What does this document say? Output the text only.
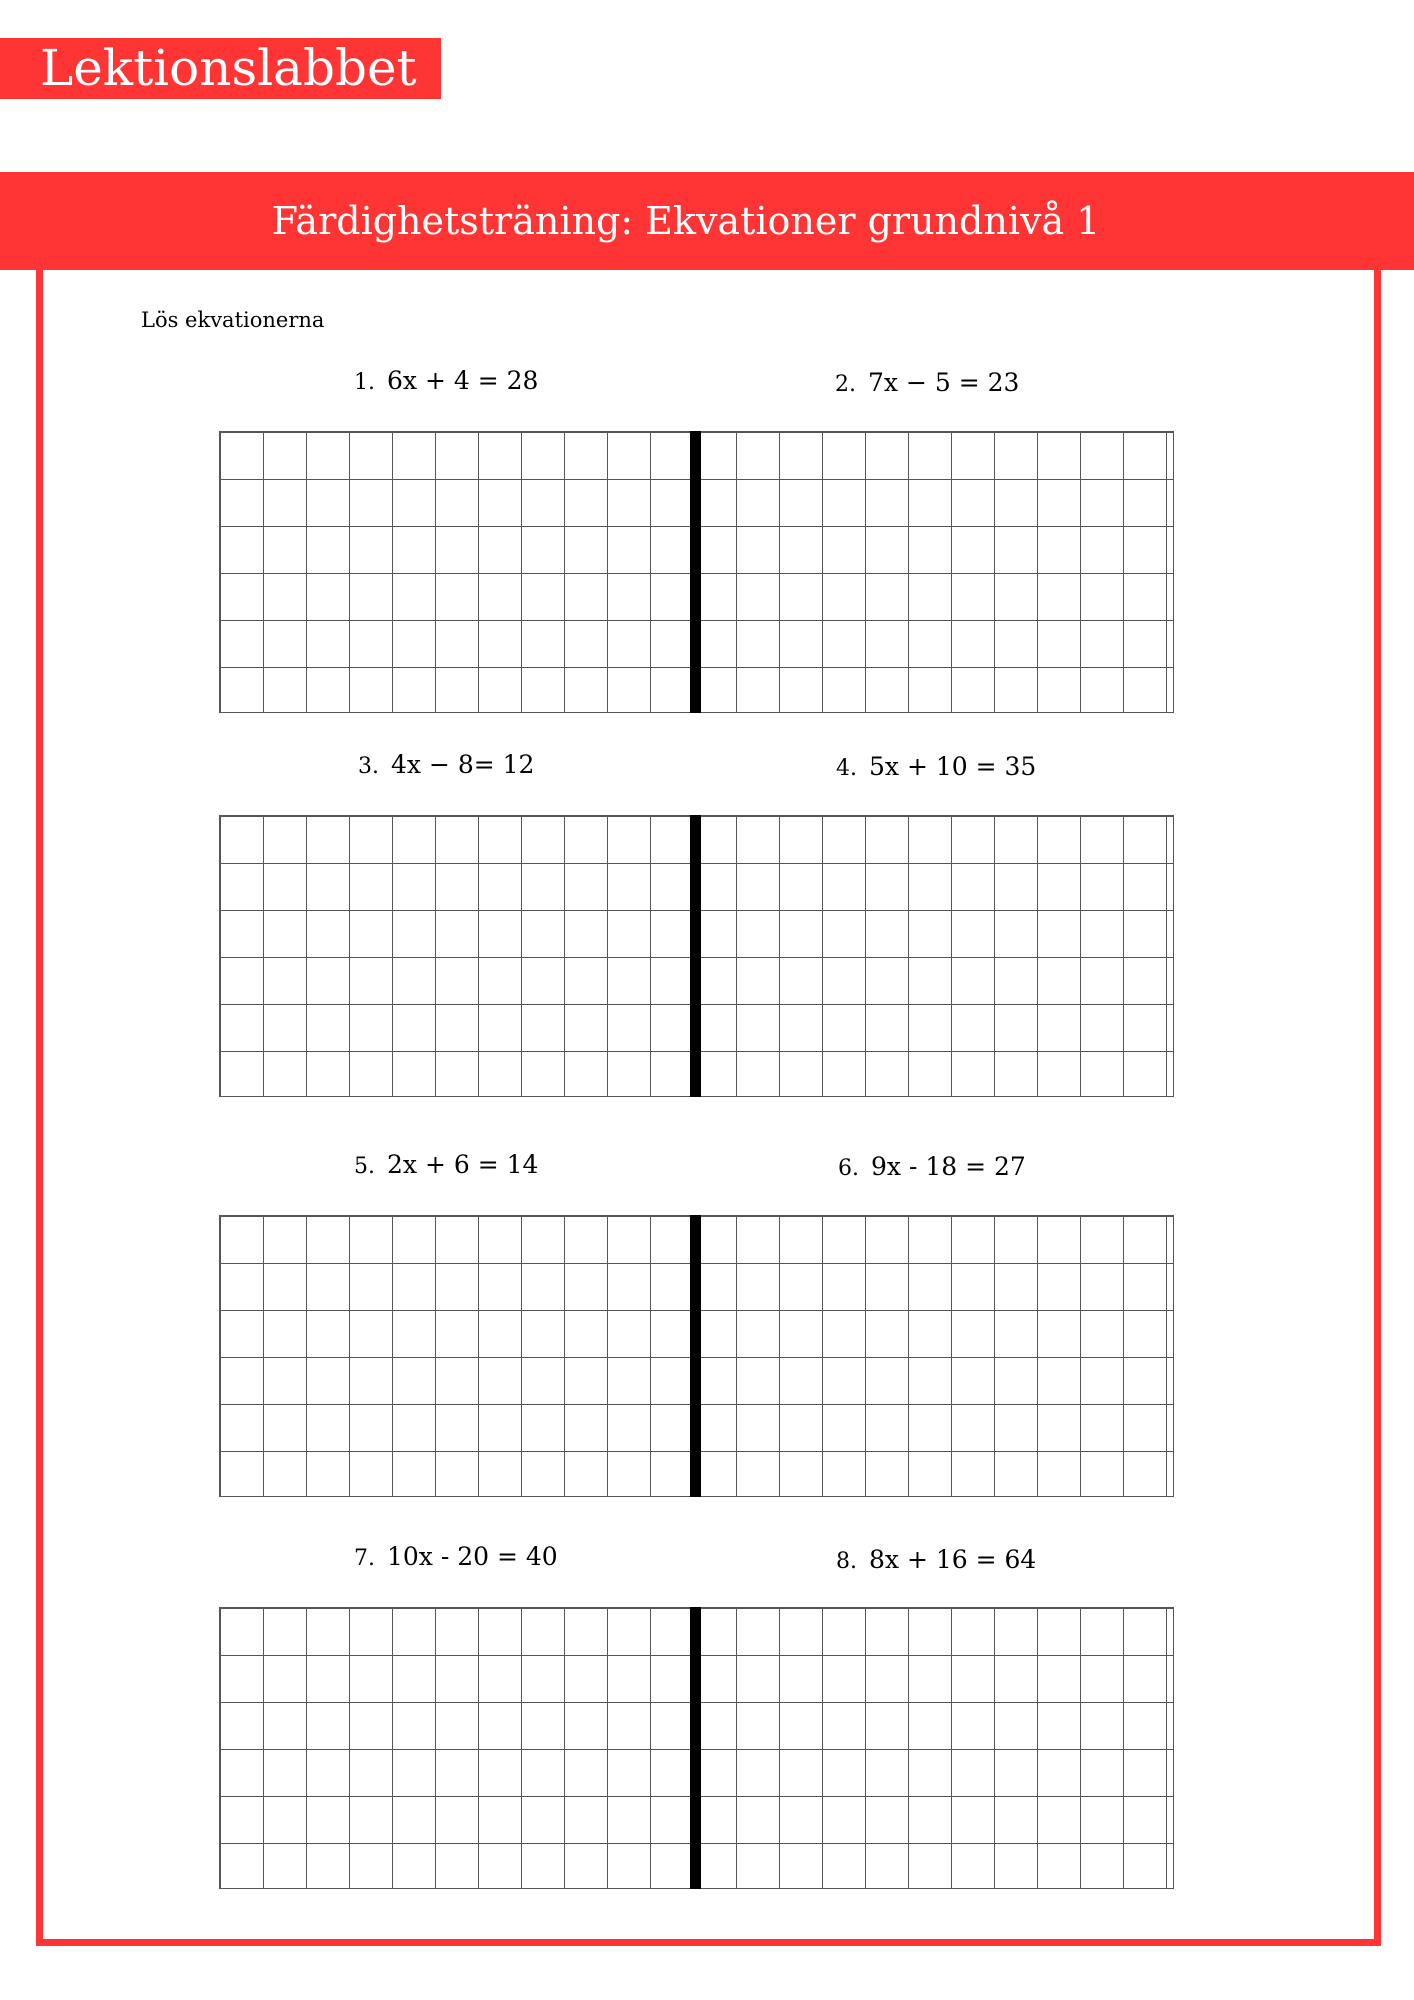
Lektionslabbet
Färdighetsträning: Ekvationer grundnivå 1
Lös ekvationerna
1. 6x + 4 = 28	2. 7x − 5 = 23
3. 4x − 8= 12	4. 5x + 10 = 35
5. 2x + 6 = 14	6. 9x - 18 = 27
7. 10x - 20 = 40	8. 8x + 16 = 64
